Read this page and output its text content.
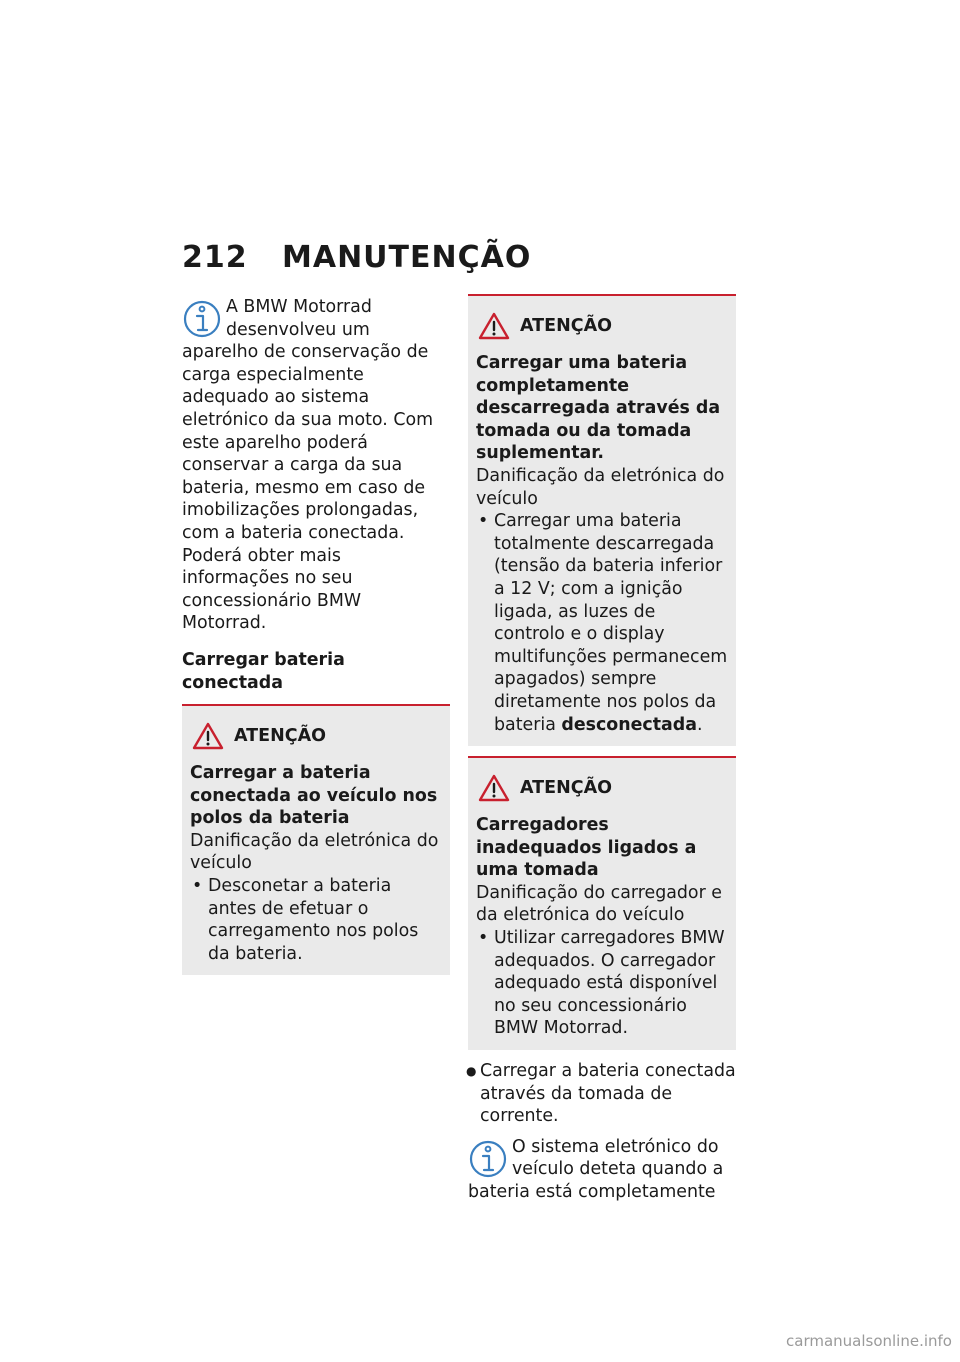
212 MANUTENÇÃO

A BMW Motorrad desenvolveu um aparelho de conservação de carga especialmente adequado ao sistema eletrónico da sua moto. Com este aparelho poderá conservar a carga da sua bateria, mesmo em caso de imobilizações prolongadas, com a bateria conectada. Poderá obter mais informações no seu concessionário BMW Motorrad.

Carregar bateria conectada

ATENÇÃO

Carregar a bateria conectada ao veículo nos polos da bateria

Danificação da eletrónica do veículo

• Desconetar a bateria antes de efetuar o carregamento nos polos da bateria.

ATENÇÃO

Carregar uma bateria completamente descarregada através da tomada ou da tomada suplementar.

Danificação da eletrónica do veículo

• Carregar uma bateria totalmente descarregada (tensão da bateria inferior a 12 V; com a ignição ligada, as luzes de controlo e o display multifunções permanecem apagados) sempre diretamente nos polos da bateria desconectada.

ATENÇÃO

Carregadores inadequados ligados a uma tomada

Danificação do carregador e da eletrónica do veículo

• Utilizar carregadores BMW adequados. O carregador adequado está disponível no seu concessionário BMW Motorrad.

● Carregar a bateria conectada através da tomada de corrente.

O sistema eletrónico do veículo deteta quando a bateria está completamente

carmanualsonline.info
